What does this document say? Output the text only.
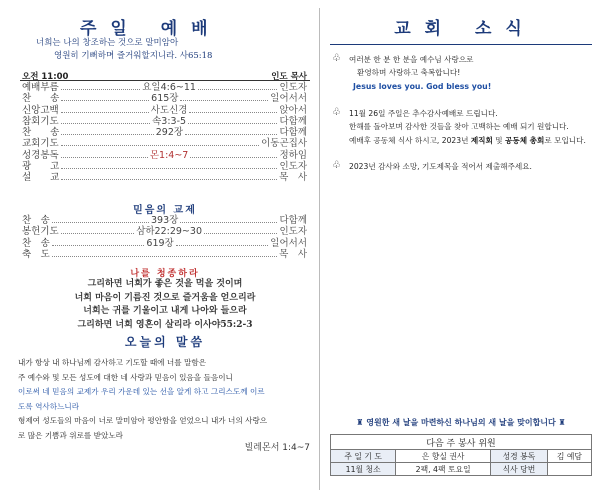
주일 예배
너희는 나의 창조하는 것으로 말미암아
영원히 기뻐하며 즐거워할지니라. 사65:18
오전 11:00	인도 목사
예배부름	요일4:6~11	인도자
찬　　송	615장	일어서서
신앙고백	사도신경	앉아서
참회기도	속3:3-5	다함께
찬　　송	292장	다함께
교회기도	이동곤집사
성경봉독	몬1:4~7	정하임
광　　고	인도자
설　　교	목　사
믿음의 교제
찬　송	393장	다함께
봉헌기도	삼하22:29~30	인도자
찬　송	619장	일어서서
축　도	목　사
나를 청종하라
그리하면 너희가 좋은 것을 먹을 것이며
너희 마음이 기름진 것으로 즐거움을 얻으리라
너희는 귀를 기울이고 내게 나아와 들으라
그리하면 너희 영혼이 살리라 이사야55:2-3
오늘의 말씀

내가 항상 내 하나님께 감사하고 기도할 때에 너를 말함은

주 예수와 및 모든 성도에 대한 네 사랑과 믿음이 있음을 들음이니

이로써 네 믿음의 교제가 우리 가운데 있는 선을 알게 하고 그리스도께 이르

도록 역사하느니라

형제여 성도들의 마음이 너로 말미암아 평안함을 얻었으니 내가 너의 사랑으

로 많은 기쁨과 위로를 받았노라

빌레몬서 1:4~7
교회 소식
♧	여러분 한 분 한 분을 예수님 사랑으로

환영하며 사랑하고 축복합니다!

Jesus loves you. God bless you!

♧	11월 26일 주일은 추수감사예배로 드립니다.

한해를 돌아보며 감사한 것들을 찾아 고백하는 예배 되기 원합니다.

예배후 공동체 식사 하시고, 2023년 제직회 및 공동체 총회로 모입니다.

♧	2023년 감사와 소망, 기도제목을 적어서 제출해주세요.

♜ 영원한 새 날을 마련하신 하나님의 새 날을 맞이합니다 ♜
다음 주 봉사 위원			
주 일 기 도	은 향실 권사	성경 봉독	김 예담
11월 청소	2팩, 4팩 토요일	식사 당번	
